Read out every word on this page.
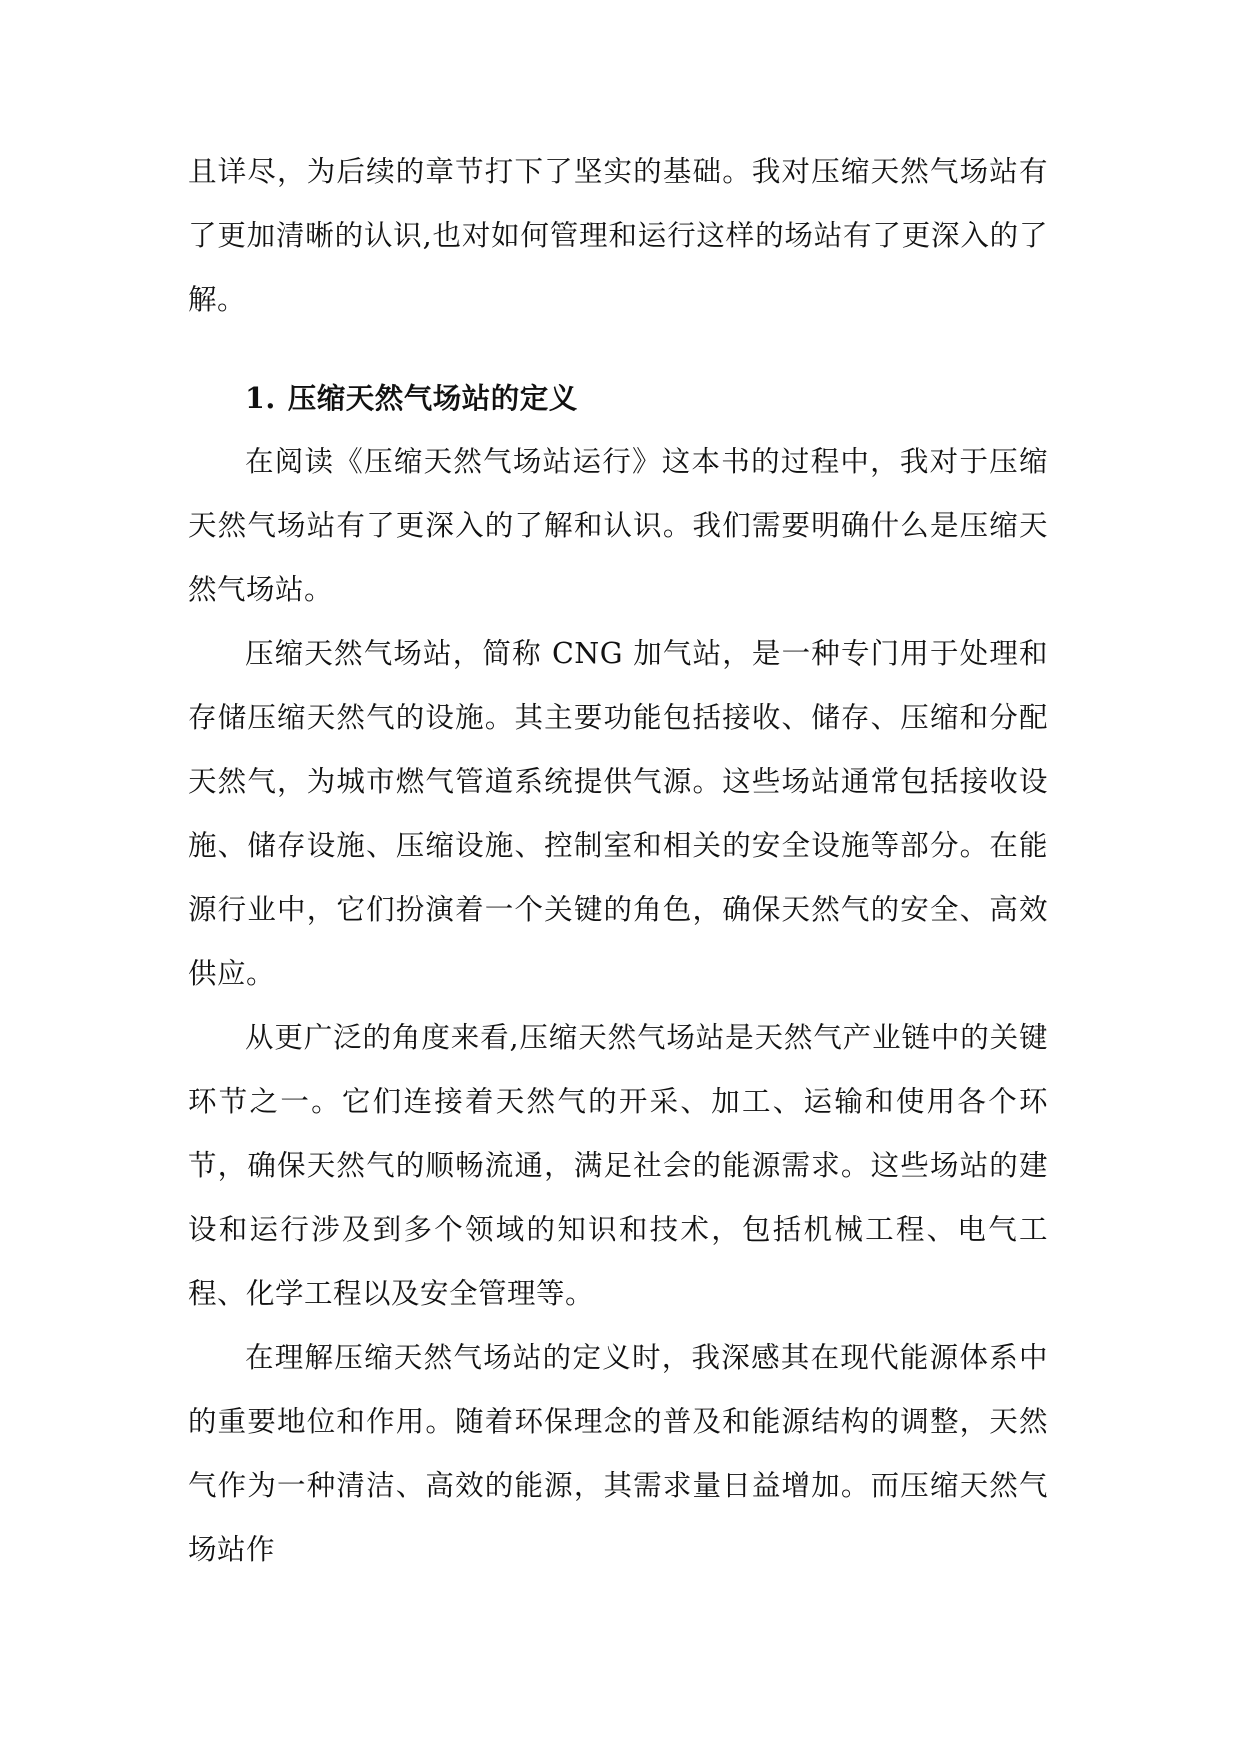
且详尽，为后续的章节打下了坚实的基础。我对压缩天然气场站有了更加清晰的认识,也对如何管理和运行这样的场站有了更深入的了解。

1. 压缩天然气场站的定义

在阅读《压缩天然气场站运行》这本书的过程中，我对于压缩天然气场站有了更深入的了解和认识。我们需要明确什么是压缩天然气场站。

压缩天然气场站，简称 CNG 加气站，是一种专门用于处理和存储压缩天然气的设施。其主要功能包括接收、储存、压缩和分配天然气，为城市燃气管道系统提供气源。这些场站通常包括接收设施、储存设施、压缩设施、控制室和相关的安全设施等部分。在能源行业中，它们扮演着一个关键的角色，确保天然气的安全、高效供应。

从更广泛的角度来看,压缩天然气场站是天然气产业链中的关键环节之一。它们连接着天然气的开采、加工、运输和使用各个环节，确保天然气的顺畅流通，满足社会的能源需求。这些场站的建设和运行涉及到多个领域的知识和技术，包括机械工程、电气工程、化学工程以及安全管理等。

在理解压缩天然气场站的定义时，我深感其在现代能源体系中的重要地位和作用。随着环保理念的普及和能源结构的调整，天然气作为一种清洁、高效的能源，其需求量日益增加。而压缩天然气场站作
